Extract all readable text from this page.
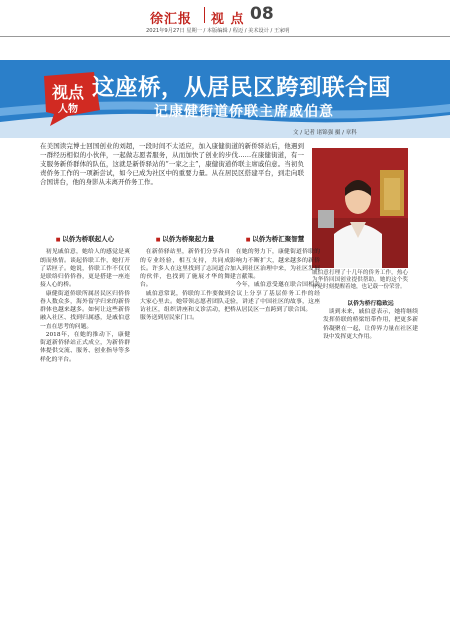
徐汇报 视 点 08
2021年9月27日 星期一 / 本版编辑 / 程迈 / 美术设计 / 王家明
视点
人物
这座桥，从居民区跨到联合国
记康健街道侨联主席戚伯意
文 / 记者 诸锦强 摄 / 章科

在美国读完博士回国创业的刘超，一段时间不太适应，加入康健街道的新侨驿站后，他遇到一群经历相似的小伙伴，一起做志愿者服务，从而加快了创业的步伐……在康健街道，有一支服务新侨群体的队伍，这就是新侨驿站的“一家之主”，康健街道侨联主席戚伯意。当初负责侨务工作的一项新尝试，如今已成为社区中的重要力量。从在居民区搭建平台，到走向联合国讲台，他的身影从未离开侨务工作。

戚伯意打理了十几年的侨务工作，热心为华侨回国创业提供帮助。她的这个奖杯是时刻提醒着她，也记载一份荣誉。

■ 以侨为桥联起人心

初见戚伯意，她给人的感觉是爽朗而热情。谈起侨联工作，她打开了话匣子。她说，侨联工作不仅仅是联络归侨侨眷，更是搭建一座连接人心的桥。

康健街道侨联所属居民区归侨侨眷人数众多，海外留学归来的新侨群体也越来越多。如何让这些新侨融入社区、找到归属感，是戚伯意一直在思考的问题。

2018年，在她的推动下，康健街道新侨驿站正式成立，为新侨群体提供交流、服务、创业指导等多样化的平台。

■ 以侨为桥聚起力量

在新侨驿站里，新侨们分享各自的专业经验，相互支持，共同成长。许多人在这里找到了志同道合的伙伴，也找到了施展才华的舞台。

戚伯意常说，侨联的工作要做到大家心里去。她带领志愿者团队走访社区，组织讲座和义诊活动，把服务送到居民家门口。

■ 以侨为桥汇聚智慧

在她的努力下，康健街道侨联的影响力不断扩大，越来越多的新侨加入到社区治理中来，为社区发展建言献策。

今年，戚伯意受邀在联合国相关会议上分享了基层侨务工作的经验，讲述了中国社区的故事，这座桥从居民区一直跨到了联合国。

以侨为桥行稳致远

谈到未来，戚伯意表示，她将继续发挥侨联的桥梁纽带作用，把更多新侨凝聚在一起，让侨界力量在社区建设中发挥更大作用。
